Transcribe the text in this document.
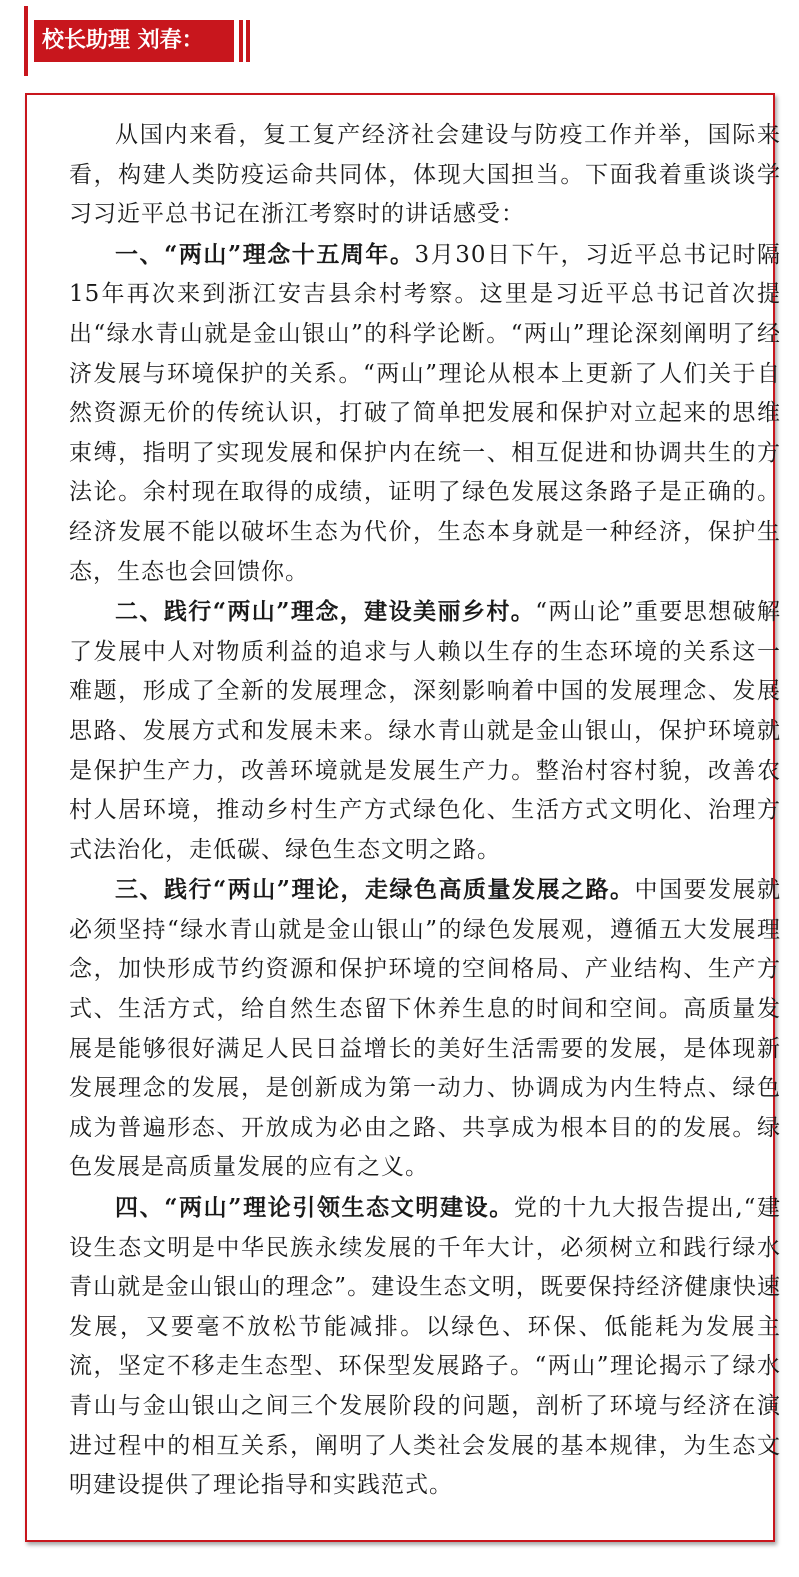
校长助理 刘春：

从国内来看，复工复产经济社会建设与防疫工作并举，国际来看，构建人类防疫运命共同体，体现大国担当。下面我着重谈谈学习习近平总书记在浙江考察时的讲话感受：

一、“两山”理念十五周年。3月30日下午，习近平总书记时隔15年再次来到浙江安吉县余村考察。这里是习近平总书记首次提出“绿水青山就是金山银山”的科学论断。“两山”理论深刻阐明了经济发展与环境保护的关系。“两山”理论从根本上更新了人们关于自然资源无价的传统认识，打破了简单把发展和保护对立起来的思维束缚，指明了实现发展和保护内在统一、相互促进和协调共生的方法论。余村现在取得的成绩，证明了绿色发展这条路子是正确的。经济发展不能以破坏生态为代价，生态本身就是一种经济，保护生态，生态也会回馈你。

二、践行“两山”理念，建设美丽乡村。“两山论”重要思想破解了发展中人对物质利益的追求与人赖以生存的生态环境的关系这一难题，形成了全新的发展理念，深刻影响着中国的发展理念、发展思路、发展方式和发展未来。绿水青山就是金山银山，保护环境就是保护生产力，改善环境就是发展生产力。整治村容村貌，改善农村人居环境，推动乡村生产方式绿色化、生活方式文明化、治理方式法治化，走低碳、绿色生态文明之路。

三、践行“两山”理论，走绿色高质量发展之路。中国要发展就必须坚持“绿水青山就是金山银山”的绿色发展观，遵循五大发展理念，加快形成节约资源和保护环境的空间格局、产业结构、生产方式、生活方式，给自然生态留下休养生息的时间和空间。高质量发展是能够很好满足人民日益增长的美好生活需要的发展，是体现新发展理念的发展，是创新成为第一动力、协调成为内生特点、绿色成为普遍形态、开放成为必由之路、共享成为根本目的的发展。绿色发展是高质量发展的应有之义。

四、“两山”理论引领生态文明建设。党的十九大报告提出,“建设生态文明是中华民族永续发展的千年大计，必须树立和践行绿水青山就是金山银山的理念”。建设生态文明，既要保持经济健康快速发展，又要毫不放松节能减排。以绿色、环保、低能耗为发展主流，坚定不移走生态型、环保型发展路子。“两山”理论揭示了绿水青山与金山银山之间三个发展阶段的问题，剖析了环境与经济在演进过程中的相互关系，阐明了人类社会发展的基本规律，为生态文明建设提供了理论指导和实践范式。
